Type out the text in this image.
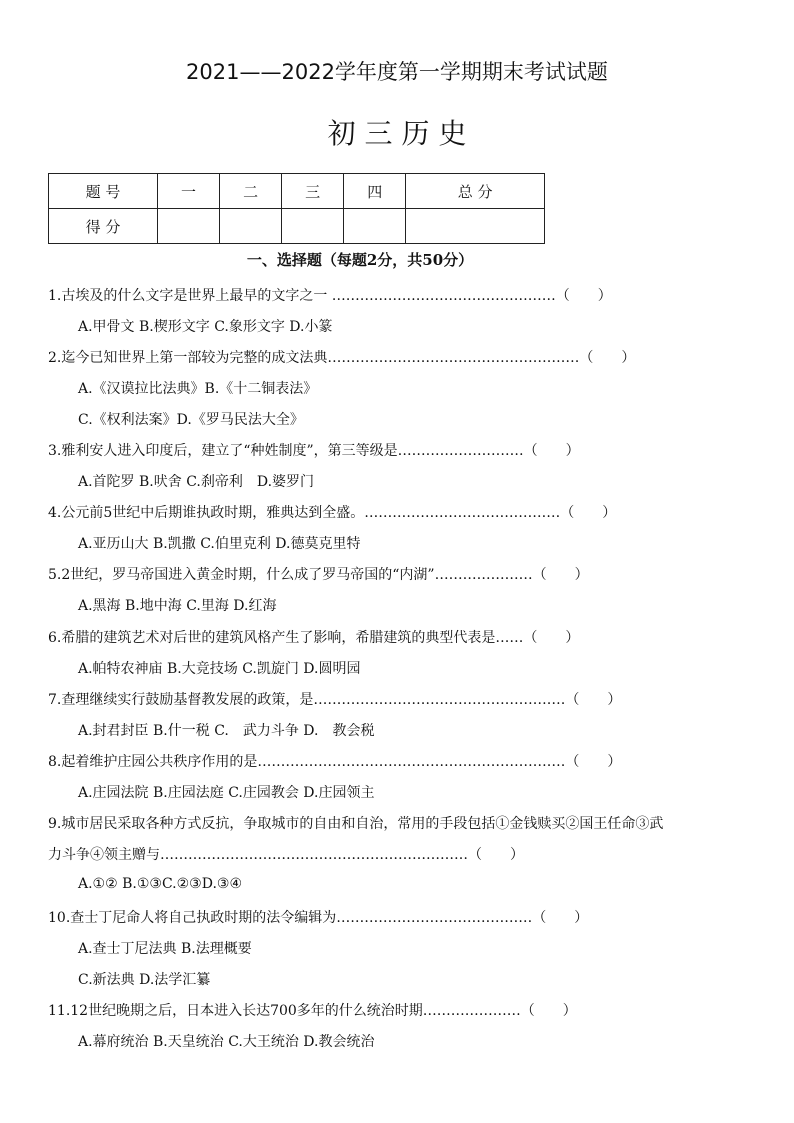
2021——2022学年度第一学期期末考试试题
初 三 历 史
题 号	一	二	三	四	总 分
得 分					
一、选择题（每题2分，共50分）
1.古埃及的什么文字是世界上最早的文字之一 …………………………………………（　　）
A.甲骨文 B.楔形文字 C.象形文字 D.小篆
2.迄今已知世界上第一部较为完整的成文法典………………………………………………（　　）
A.《汉谟拉比法典》B.《十二铜表法》
C.《权利法案》D.《罗马民法大全》
3.雅利安人进入印度后，建立了“种姓制度”，第三等级是………………………（　　）
A.首陀罗 B.吠舍 C.刹帝利　D.婆罗门
4.公元前5世纪中后期谁执政时期，雅典达到全盛。……………………………………（　　）
A.亚历山大 B.凯撒 C.伯里克利 D.德莫克里特
5.2世纪，罗马帝国进入黄金时期，什么成了罗马帝国的“内湖”…………………（　　）
A.黑海 B.地中海 C.里海 D.红海
6.希腊的建筑艺术对后世的建筑风格产生了影响，希腊建筑的典型代表是……（　　）
A.帕特农神庙 B.大竞技场 C.凯旋门 D.圆明园
7.查理继续实行鼓励基督教发展的政策，是………………………………………………（　　）
A.封君封臣 B.什一税 C.　武力斗争 D.　教会税
8.起着维护庄园公共秩序作用的是…………………………………………………………（　　）
A.庄园法院 B.庄园法庭 C.庄园教会 D.庄园领主
9.城市居民采取各种方式反抗，争取城市的自由和自治，常用的手段包括①金钱赎买②国王任命③武
力斗争④领主赠与…………………………………………………………（　　）
A.①② B.①③C.②③D.③④
10.查士丁尼命人将自己执政时期的法令编辑为……………………………………（　　）
A.查士丁尼法典 B.法理概要
C.新法典 D.法学汇纂
11.12世纪晚期之后，日本进入长达700多年的什么统治时期…………………（　　）
A.幕府统治 B.天皇统治 C.大王统治 D.教会统治
